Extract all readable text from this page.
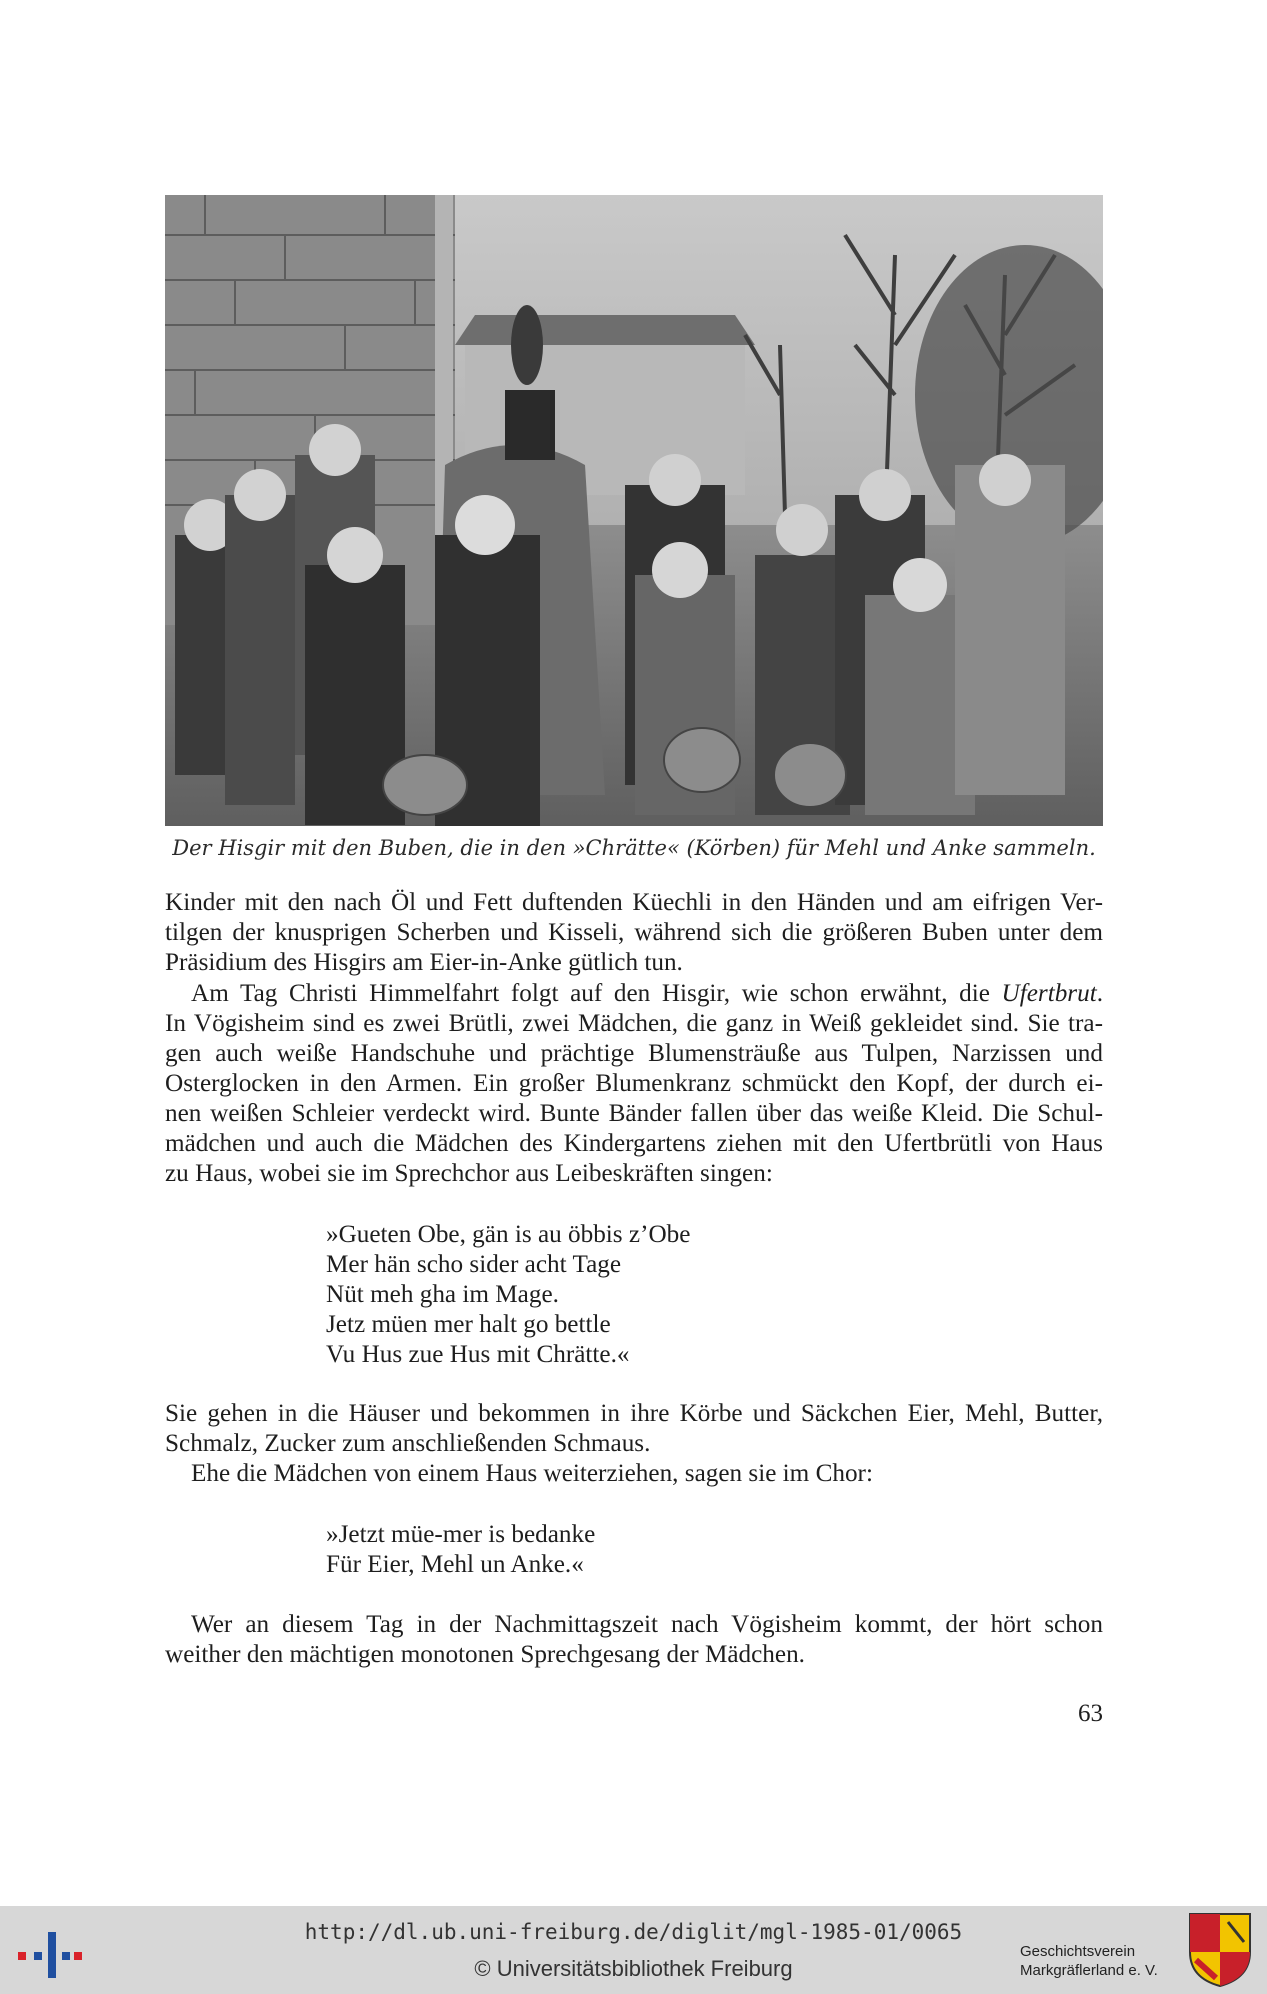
Der Hisgir mit den Buben, die in den »Chrätte« (Körben) für Mehl und Anke sammeln.
Kinder mit den nach Öl und Fett duftenden Küechli in den Händen und am eifrigen Ver-
tilgen der knusprigen Scherben und Kisseli, während sich die größeren Buben unter dem
Präsidium des Hisgirs am Eier-in-Anke gütlich tun.
Am Tag Christi Himmelfahrt folgt auf den Hisgir, wie schon erwähnt, die Ufertbrut.
In Vögisheim sind es zwei Brütli, zwei Mädchen, die ganz in Weiß gekleidet sind. Sie tra-
gen auch weiße Handschuhe und prächtige Blumensträuße aus Tulpen, Narzissen und
Osterglocken in den Armen. Ein großer Blumenkranz schmückt den Kopf, der durch ei-
nen weißen Schleier verdeckt wird. Bunte Bänder fallen über das weiße Kleid. Die Schul-
mädchen und auch die Mädchen des Kindergartens ziehen mit den Ufertbrütli von Haus
zu Haus, wobei sie im Sprechchor aus Leibeskräften singen:
»Gueten Obe, gän is au öbbis z’Obe
Mer hän scho sider acht Tage
Nüt meh gha im Mage.
Jetz müen mer halt go bettle
Vu Hus zue Hus mit Chrätte.«
Sie gehen in die Häuser und bekommen in ihre Körbe und Säckchen Eier, Mehl, Butter,
Schmalz, Zucker zum anschließenden Schmaus.
Ehe die Mädchen von einem Haus weiterziehen, sagen sie im Chor:
»Jetzt müe-mer is bedanke
Für Eier, Mehl un Anke.«
Wer an diesem Tag in der Nachmittagszeit nach Vögisheim kommt, der hört schon
weither den mächtigen monotonen Sprechgesang der Mädchen.
63
http://dl.ub.uni-freiburg.de/diglit/mgl-1985-01/0065
© Universitätsbibliothek Freiburg
Geschichtsverein
Markgräflerland e. V.
